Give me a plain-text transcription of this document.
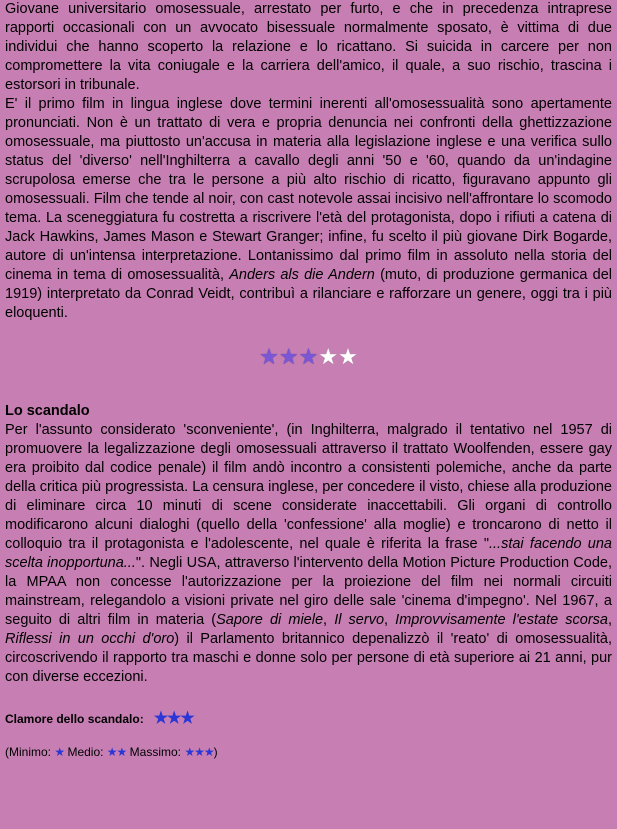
Giovane universitario omosessuale, arrestato per furto, e che in precedenza intraprese rapporti occasionali con un avvocato bisessuale normalmente sposato, è vittima di due individui che hanno scoperto la relazione e lo ricattano. Si suicida in carcere per non compromettere la vita coniugale e la carriera dell'amico, il quale, a suo rischio, trascina i estorsori in tribunale.

E' il primo film in lingua inglese dove termini inerenti all'omosessualità sono apertamente pronunciati. Non è un trattato di vera e propria denuncia nei confronti della ghettizzazione omosessuale, ma piuttosto un'accusa in materia alla legislazione inglese e una verifica sullo status del 'diverso' nell'Inghilterra a cavallo degli anni '50 e '60, quando da un'indagine scrupolosa emerse che tra le persone a più alto rischio di ricatto, figuravano appunto gli omosessuali. Film che tende al noir, con cast notevole assai incisivo nell'affrontare lo scomodo tema. La sceneggiatura fu costretta a riscrivere l'età del protagonista, dopo i rifiuti a catena di Jack Hawkins, James Mason e Stewart Granger; infine, fu scelto il più giovane Dirk Bogarde, autore di un'intensa interpretazione. Lontanissimo dal primo film in assoluto nella storia del cinema in tema di omosessualità, Anders als die Andern (muto, di produzione germanica del 1919) interpretato da Conrad Veidt, contribuì a rilanciare e rafforzare un genere, oggi tra i più eloquenti.

★★★★★
Lo scandalo

Per l'assunto considerato 'sconveniente', (in Inghilterra, malgrado il tentativo nel 1957 di promuovere la legalizzazione degli omosessuali attraverso il trattato Woolfenden, essere gay era proibito dal codice penale) il film andò incontro a consistenti polemiche, anche da parte della critica più progressista. La censura inglese, per concedere il visto, chiese alla produzione di eliminare circa 10 minuti di scene considerate inaccettabili. Gli organi di controllo modificarono alcuni dialoghi (quello della 'confessione' alla moglie) e troncarono di netto il colloquio tra il protagonista e l'adolescente, nel quale è riferita la frase "...stai facendo una scelta inopportuna...". Negli USA, attraverso l'intervento della Motion Picture Production Code, la MPAA non concesse l'autorizzazione per la proiezione del film nei normali circuiti mainstream, relegandolo a visioni private nel giro delle sale 'cinema d'impegno'. Nel 1967, a seguito di altri film in materia (Sapore di miele, Il servo, Improvvisamente l'estate scorsa, Riflessi in un occhi d'oro) il Parlamento britannico depenalizzò il 'reato' di omosessualità, circoscrivendo il rapporto tra maschi e donne solo per persone di età superiore ai 21 anni, pur con diverse eccezioni.

Clamore dello scandalo: ★★★
(Minimo: ★ Medio: ★★ Massimo: ★★★)
